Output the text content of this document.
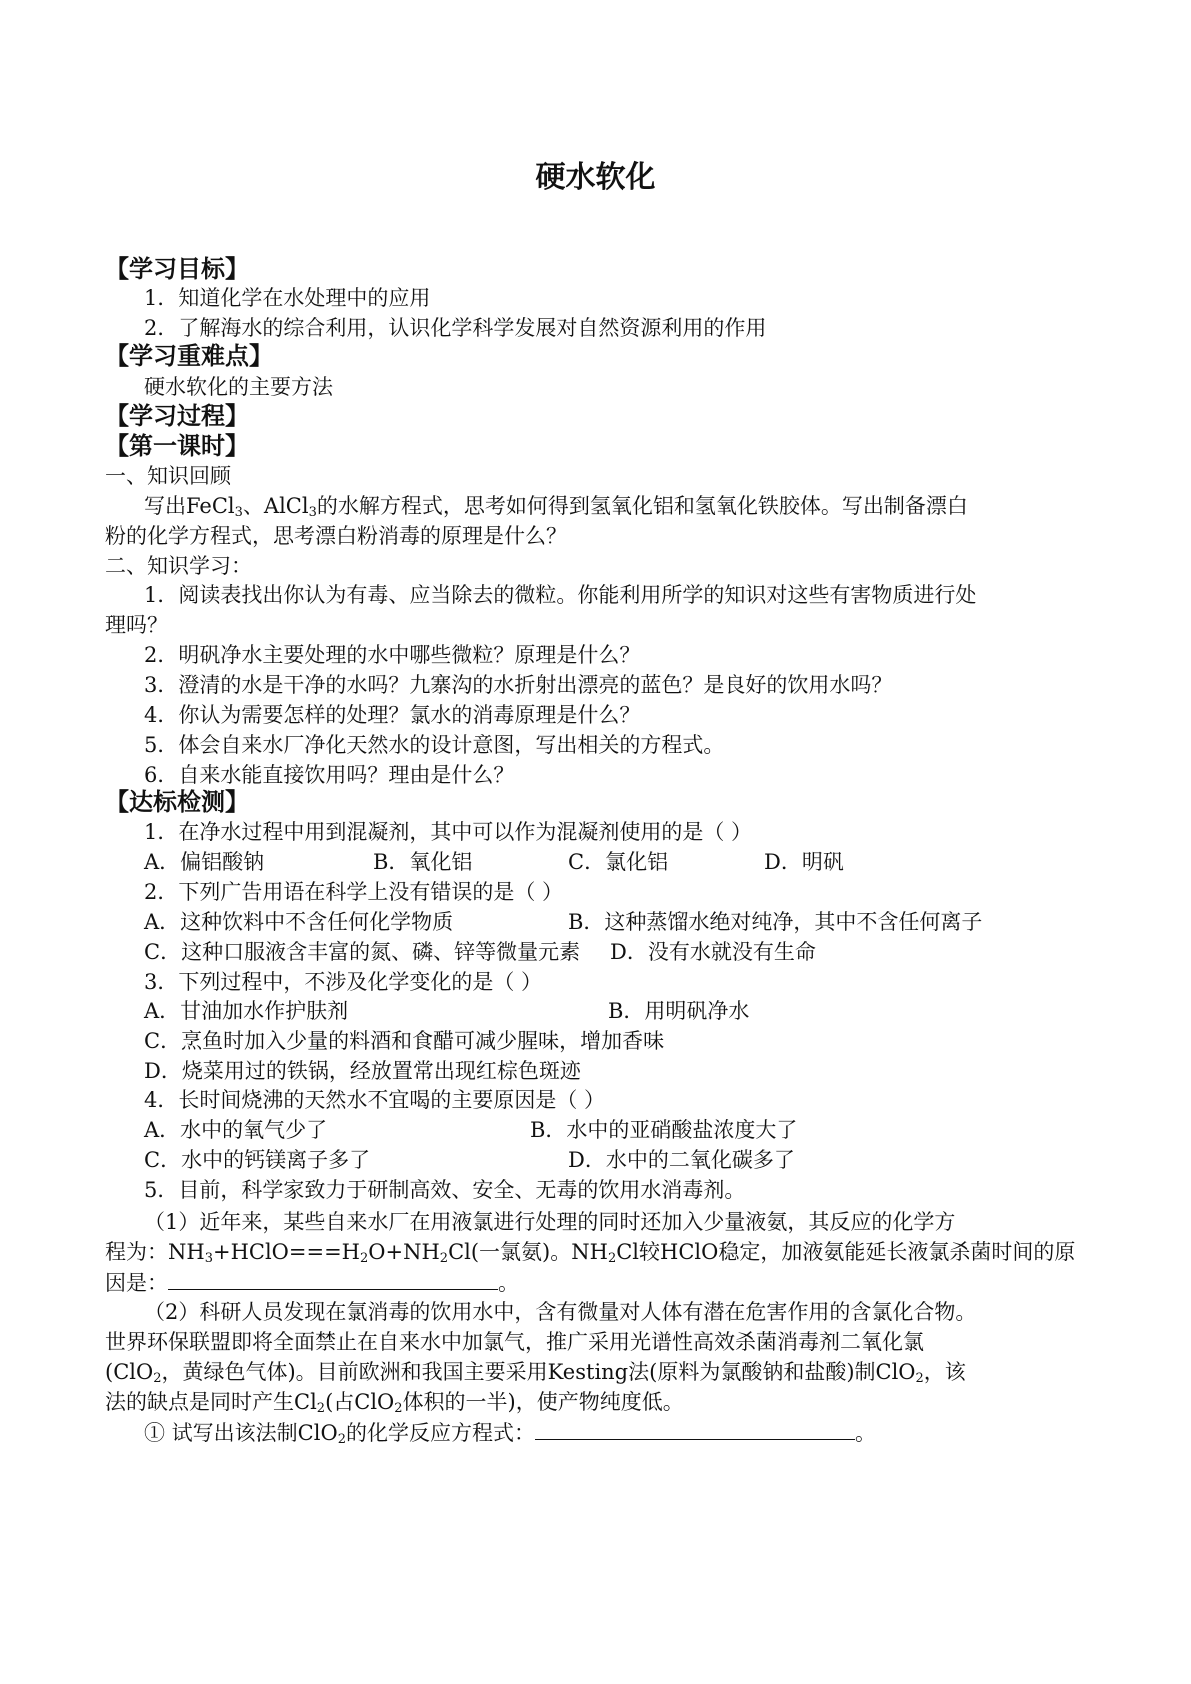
硬水软化
【学习目标】
1．知道化学在水处理中的应用
2．了解海水的综合利用，认识化学科学发展对自然资源利用的作用
【学习重难点】
硬水软化的主要方法
【学习过程】
【第一课时】
一、知识回顾
写出FeCl$_3$、AlCl$_3$的水解方程式，思考如何得到氢氧化铝和氢氧化铁胶体。写出制备漂白
粉的化学方程式，思考漂白粉消毒的原理是什么？
二、知识学习：
1．阅读表找出你认为有毒、应当除去的微粒。你能利用所学的知识对这些有害物质进行处
理吗？
2．明矾净水主要处理的水中哪些微粒？原理是什么？
3．澄清的水是干净的水吗？九寨沟的水折射出漂亮的蓝色？是良好的饮用水吗？
4．你认为需要怎样的处理？氯水的消毒原理是什么？
5．体会自来水厂净化天然水的设计意图，写出相关的方程式。
6．自来水能直接饮用吗？理由是什么？
【达标检测】
1．在净水过程中用到混凝剂，其中可以作为混凝剂使用的是（ ）
A．偏铝酸钠	B．氧化铝	C．氯化铝	D．明矾
2．下列广告用语在科学上没有错误的是（ ）
A．这种饮料中不含任何化学物质	B．这种蒸馏水绝对纯净，其中不含任何离子
C．这种口服液含丰富的氮、磷、锌等微量元素 D．没有水就没有生命
3．下列过程中，不涉及化学变化的是（ ）
A．甘油加水作护肤剂	B．用明矾净水
C．烹鱼时加入少量的料酒和食醋可减少腥味，增加香味
D．烧菜用过的铁锅，经放置常出现红棕色斑迹
4．长时间烧沸的天然水不宜喝的主要原因是（ ）
A．水中的氧气少了	B．水中的亚硝酸盐浓度大了
C．水中的钙镁离子多了	D．水中的二氧化碳多了
5．目前，科学家致力于研制高效、安全、无毒的饮用水消毒剂。
（1）近年来，某些自来水厂在用液氯进行处理的同时还加入少量液氨，其反应的化学方
程为：$NH_3+HClO===H_2O+NH_2Cl$(一氯氨)。$NH_2Cl$较HClO稳定，加液氨能延长液氯杀菌时间的原
因是：	。
（2）科研人员发现在氯消毒的饮用水中，含有微量对人体有潜在危害作用的含氯化合物。
世界环保联盟即将全面禁止在自来水中加氯气，推广采用光谱性高效杀菌消毒剂二氧化氯
(ClO$_2$，黄绿色气体)。目前欧洲和我国主要采用Kesting法(原料为氯酸钠和盐酸)制ClO$_2$，该
法的缺点是同时产生$Cl_2$(占ClO$_2$体积的一半)，使产物纯度低。
① 试写出该法制ClO$_2$的化学反应方程式：	。
